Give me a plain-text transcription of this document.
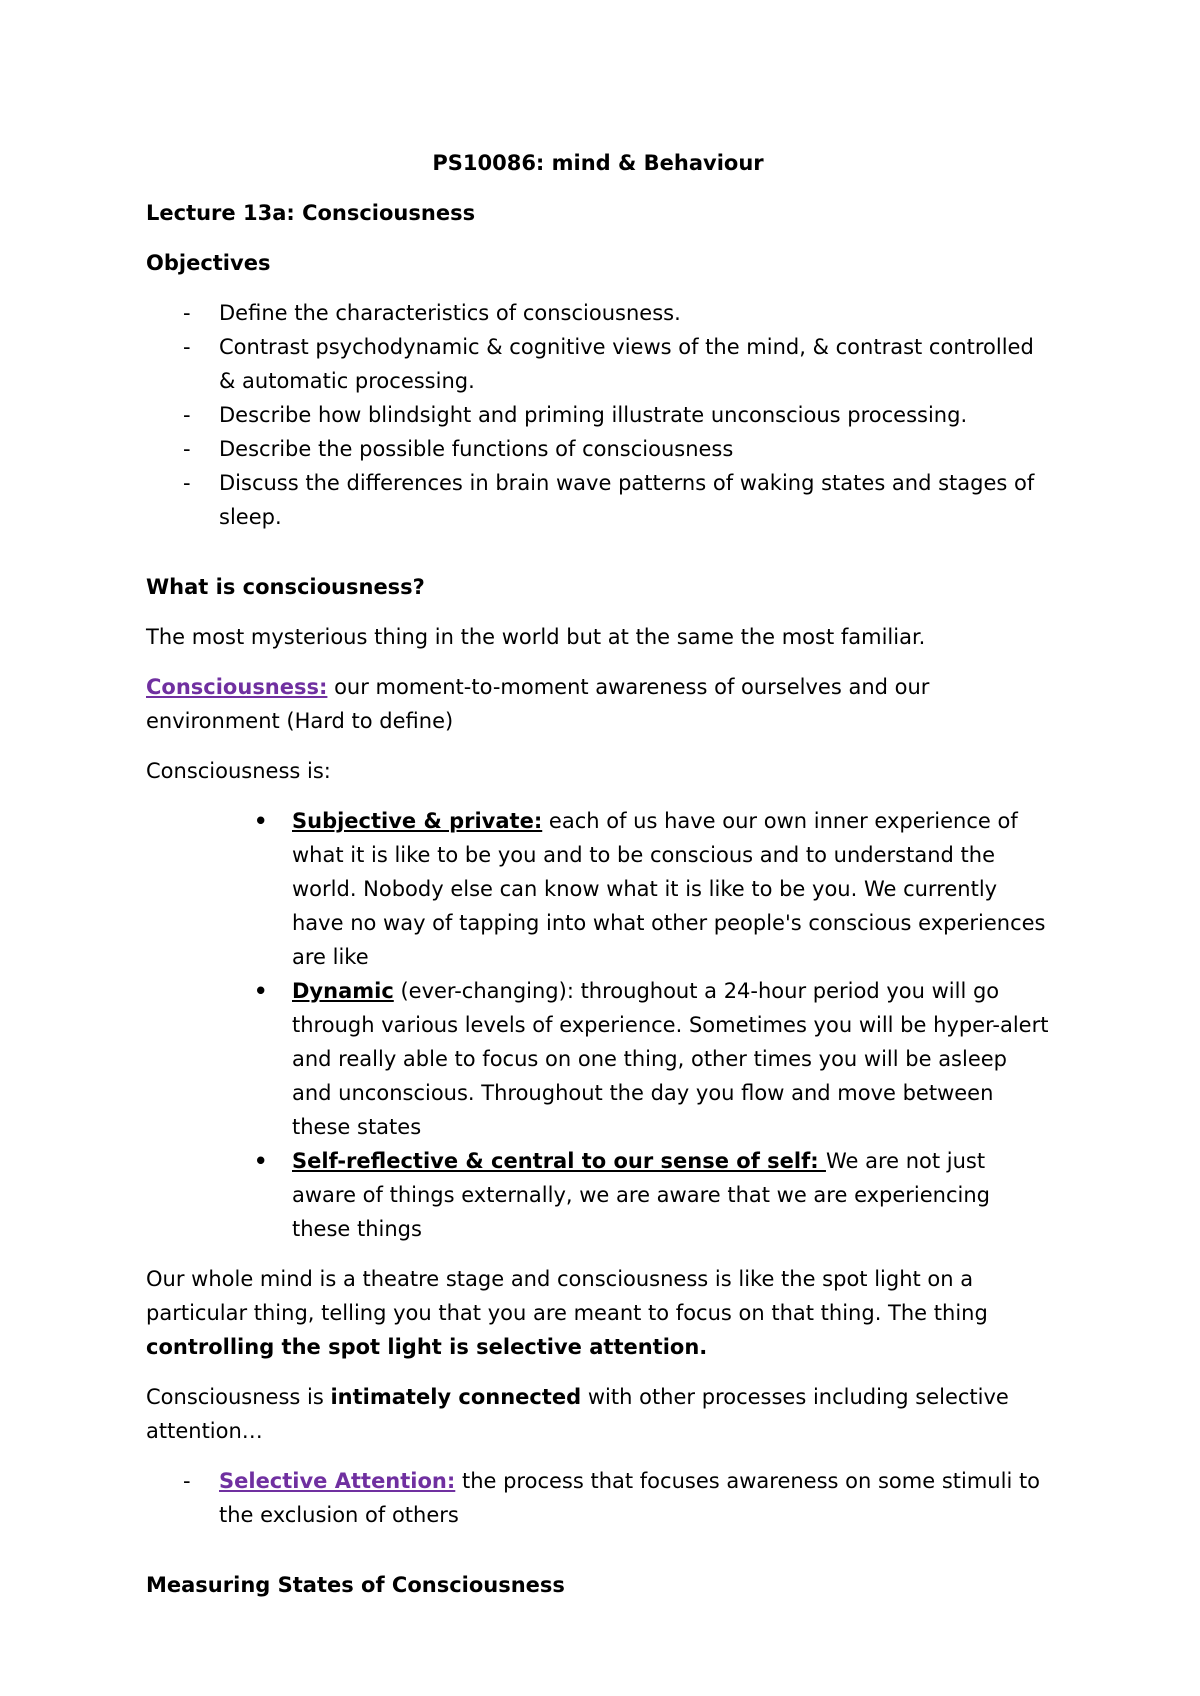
PS10086: mind & Behaviour

Lecture 13a: Consciousness

Objectives

- Define the characteristics of consciousness.
- Contrast psychodynamic & cognitive views of the mind, & contrast controlled & automatic processing.
- Describe how blindsight and priming illustrate unconscious processing.
- Describe the possible functions of consciousness
- Discuss the differences in brain wave patterns of waking states and stages of sleep.

What is consciousness?

The most mysterious thing in the world but at the same the most familiar.

Consciousness: our moment-to-moment awareness of ourselves and our environment (Hard to define)

Consciousness is:

• Subjective & private: each of us have our own inner experience of what it is like to be you and to be conscious and to understand the world. Nobody else can know what it is like to be you. We currently have no way of tapping into what other people's conscious experiences are like
• Dynamic (ever-changing): throughout a 24-hour period you will go through various levels of experience. Sometimes you will be hyper-alert and really able to focus on one thing, other times you will be asleep and unconscious. Throughout the day you flow and move between these states
• Self-reflective & central to our sense of self: We are not just aware of things externally, we are aware that we are experiencing these things

Our whole mind is a theatre stage and consciousness is like the spot light on a particular thing, telling you that you are meant to focus on that thing. The thing controlling the spot light is selective attention.

Consciousness is intimately connected with other processes including selective attention…

- Selective Attention: the process that focuses awareness on some stimuli to the exclusion of others

Measuring States of Consciousness
